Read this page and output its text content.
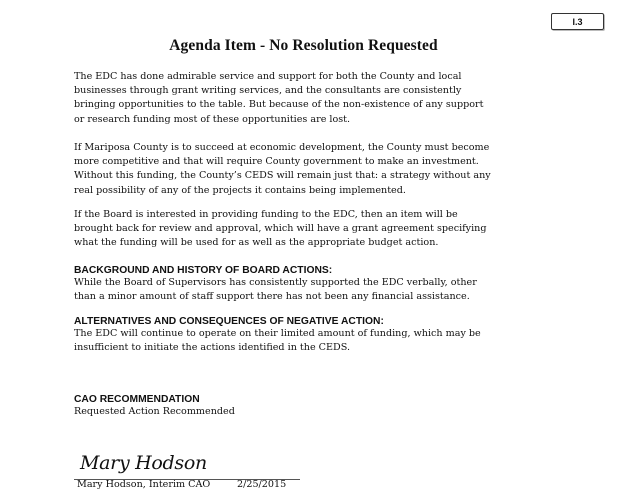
I.3
Agenda Item - No Resolution Requested

The EDC has done admirable service and support for both the County and local
businesses through grant writing services, and the consultants are consistently
bringing opportunities to the table. But because of the non-existence of any support
or research funding most of these opportunities are lost.

If Mariposa County is to succeed at economic development, the County must become
more competitive and that will require County government to make an investment.
Without this funding, the County’s CEDS will remain just that: a strategy without any
real possibility of any of the projects it contains being implemented.

If the Board is interested in providing funding to the EDC, then an item will be
brought back for review and approval, which will have a grant agreement specifying
what the funding will be used for as well as the appropriate budget action.

BACKGROUND AND HISTORY OF BOARD ACTIONS:

While the Board of Supervisors has consistently supported the EDC verbally, other
than a minor amount of staff support there has not been any financial assistance.

ALTERNATIVES AND CONSEQUENCES OF NEGATIVE ACTION:

The EDC will continue to operate on their limited amount of funding, which may be
insufficient to initiate the actions identified in the CEDS.

CAO RECOMMENDATION

Requested Action Recommended

Mary Hodson
Mary Hodson, Interim CAO	2/25/2015
